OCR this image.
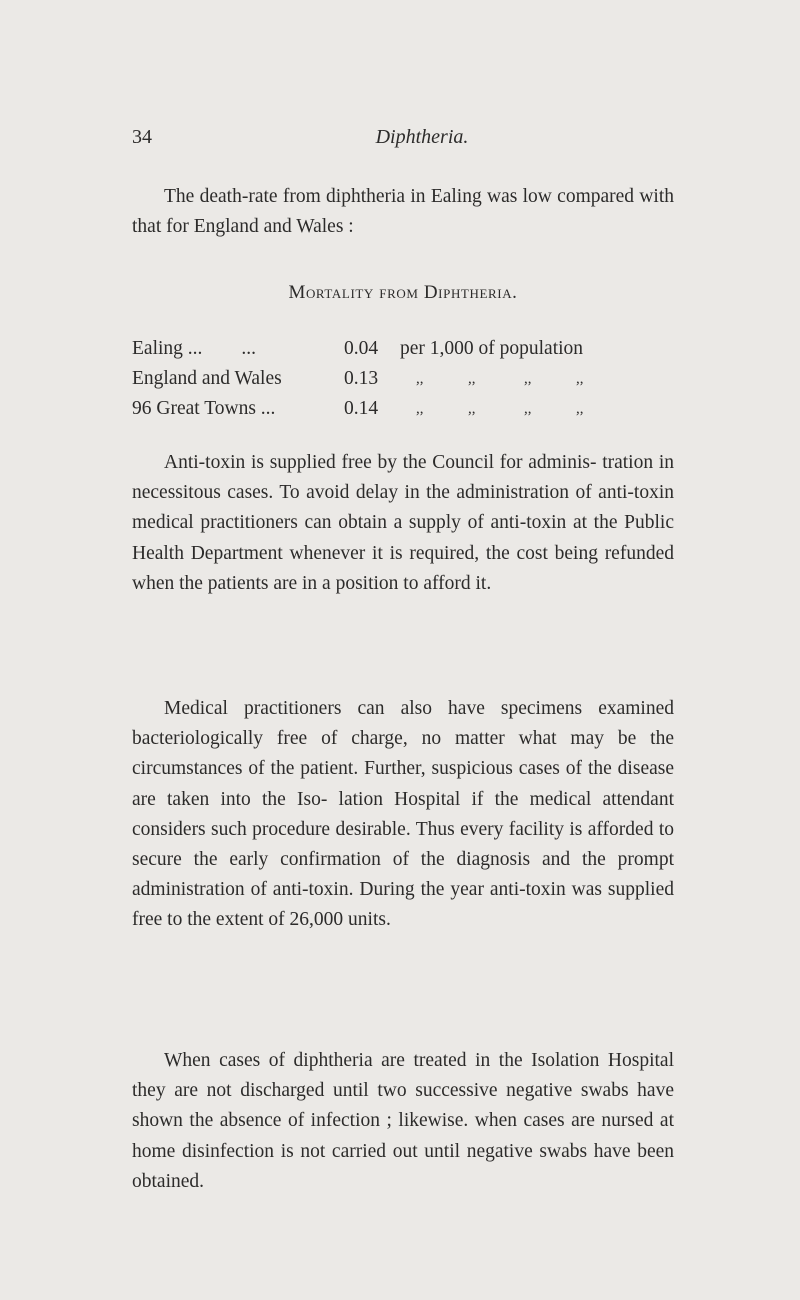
34	Diphtheria.

The death-rate from diphtheria in Ealing was low compared with that for England and Wales :

Mortality from Diphtheria.
Ealing ...        ...	0.04 per 1,000 of population
England and Wales	0.13	,,	,,	,,	,,
96 Great Towns ...	0.14	,,	,,	,,	,,

Anti-toxin is supplied free by the Council for adminis- tration in necessitous cases. To avoid delay in the administration of anti-toxin medical practitioners can obtain a supply of anti-toxin at the Public Health Department whenever it is required, the cost being refunded when the patients are in a position to afford it.

Medical practitioners can also have specimens examined bacteriologically free of charge, no matter what may be the circumstances of the patient. Further, suspicious cases of the disease are taken into the Iso- lation Hospital if the medical attendant considers such procedure desirable. Thus every facility is afforded to secure the early confirmation of the diagnosis and the prompt administration of anti-toxin. During the year anti-toxin was supplied free to the extent of 26,000 units.

When cases of diphtheria are treated in the Isolation Hospital they are not discharged until two successive negative swabs have shown the absence of infection ; likewise. when cases are nursed at home disinfection is not carried out until negative swabs have been obtained.
